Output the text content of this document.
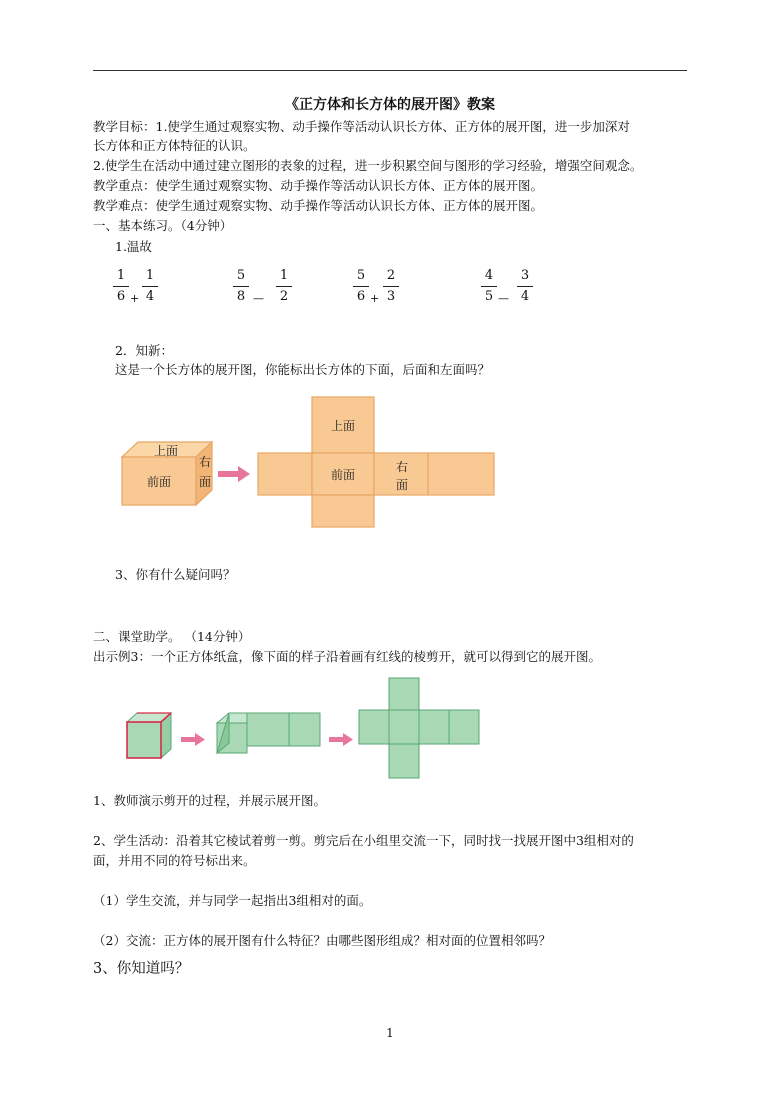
《正方体和长方体的展开图》教案
教学目标：1.使学生通过观察实物、动手操作等活动认识长方体、正方体的展开图，进一步加深对
长方体和正方体特征的认识。
2.使学生在活动中通过建立图形的表象的过程，进一步积累空间与图形的学习经验，增强空间观念。
教学重点：使学生通过观察实物、动手操作等活动认识长方体、正方体的展开图。
教学难点：使学生通过观察实物、动手操作等活动认识长方体、正方体的展开图。
一、基本练习。（4分钟）
1.温故
$\frac{1}{6} + \frac{1}{4}$	$\frac{5}{8}$ — $\frac{1}{2}$	$\frac{5}{6} + \frac{2}{3}$	$\frac{4}{5}$ — $\frac{3}{4}$
2．知新：
这是一个长方体的展开图，你能标出长方体的下面，后面和左面吗？
上面
前面
右
面
上面
前面
右
面
3、你有什么疑问吗？
二、课堂助学。 （14分钟）
出示例3：一个正方体纸盒，像下面的样子沿着画有红线的棱剪开，就可以得到它的展开图。
1、教师演示剪开的过程，并展示展开图。
2、学生活动：沿着其它棱试着剪一剪。剪完后在小组里交流一下，同时找一找展开图中3组相对的
面，并用不同的符号标出来。
（1）学生交流，并与同学一起指出3组相对的面。
（2）交流：正方体的展开图有什么特征？由哪些图形组成？相对面的位置相邻吗？
3、你知道吗？
1
